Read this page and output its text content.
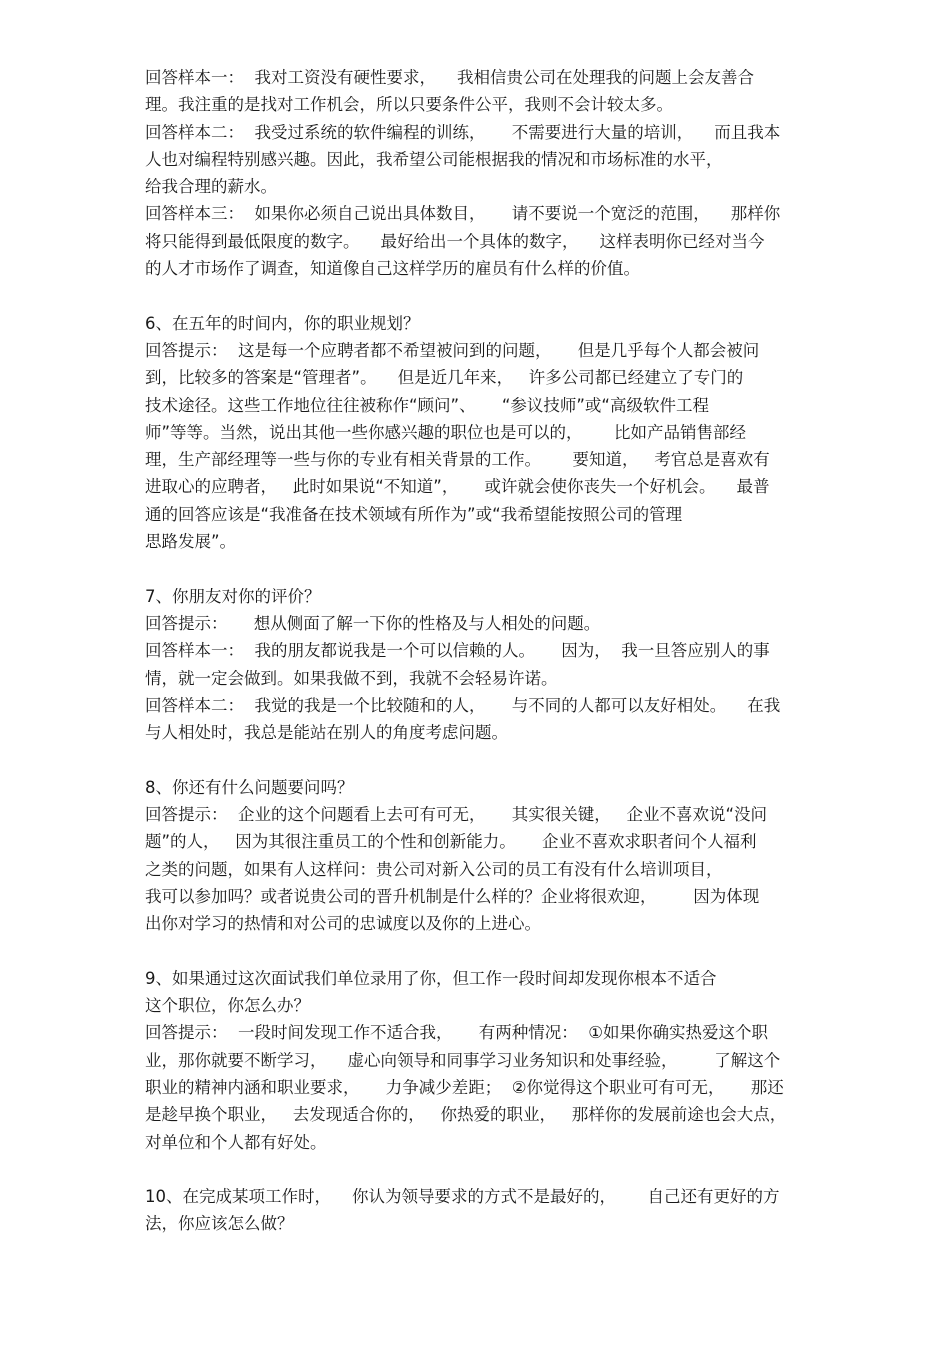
回答样本一：  我对工资没有硬性要求，    我相信贵公司在处理我的问题上会友善合
理。我注重的是找对工作机会，所以只要条件公平，我则不会计较太多。
回答样本二：  我受过系统的软件编程的训练，     不需要进行大量的培训，    而且我本
人也对编程特别感兴趣。因此，我希望公司能根据我的情况和市场标准的水平，
给我合理的薪水。
回答样本三：  如果你必须自己说出具体数目，     请不要说一个宽泛的范围，    那样你
将只能得到最低限度的数字。    最好给出一个具体的数字，    这样表明你已经对当今
的人才市场作了调查，知道像自己这样学历的雇员有什么样的价值。
6、在五年的时间内，你的职业规划？
回答提示：  这是每一个应聘者都不希望被问到的问题，     但是几乎每个人都会被问
到，比较多的答案是“管理者”。    但是近几年来，   许多公司都已经建立了专门的
技术途径。这些工作地位往往被称作“顾问”、     “参议技师”或“高级软件工程
师”等等。当然，说出其他一些你感兴趣的职位也是可以的，      比如产品销售部经
理，生产部经理等一些与你的专业有相关背景的工作。      要知道，   考官总是喜欢有
进取心的应聘者，   此时如果说“不知道”，     或许就会使你丧失一个好机会。    最普
通的回答应该是“我准备在技术领域有所作为”或“我希望能按照公司的管理
思路发展”。
7、你朋友对你的评价？
回答提示：     想从侧面了解一下你的性格及与人相处的问题。
回答样本一：  我的朋友都说我是一个可以信赖的人。     因为，  我一旦答应别人的事
情，就一定会做到。如果我做不到，我就不会轻易许诺。
回答样本二：  我觉的我是一个比较随和的人，     与不同的人都可以友好相处。    在我
与人相处时，我总是能站在别人的角度考虑问题。
8、你还有什么问题要问吗？
回答提示：  企业的这个问题看上去可有可无，     其实很关键，   企业不喜欢说“没问
题”的人，   因为其很注重员工的个性和创新能力。     企业不喜欢求职者问个人福利
之类的问题，如果有人这样问：贵公司对新入公司的员工有没有什么培训项目，
我可以参加吗？或者说贵公司的晋升机制是什么样的？企业将很欢迎，       因为体现
出你对学习的热情和对公司的忠诚度以及你的上进心。
9、如果通过这次面试我们单位录用了你，但工作一段时间却发现你根本不适合
这个职位，你怎么办？
回答提示：  一段时间发现工作不适合我，     有两种情况：  ①如果你确实热爱这个职
业，那你就要不断学习，    虚心向领导和同事学习业务知识和处事经验，       了解这个
职业的精神内涵和职业要求，     力争减少差距；  ②你觉得这个职业可有可无，     那还
是趁早换个职业，   去发现适合你的，   你热爱的职业，   那样你的发展前途也会大点，
对单位和个人都有好处。
10、在完成某项工作时，    你认为领导要求的方式不是最好的，      自己还有更好的方
法，你应该怎么做？
